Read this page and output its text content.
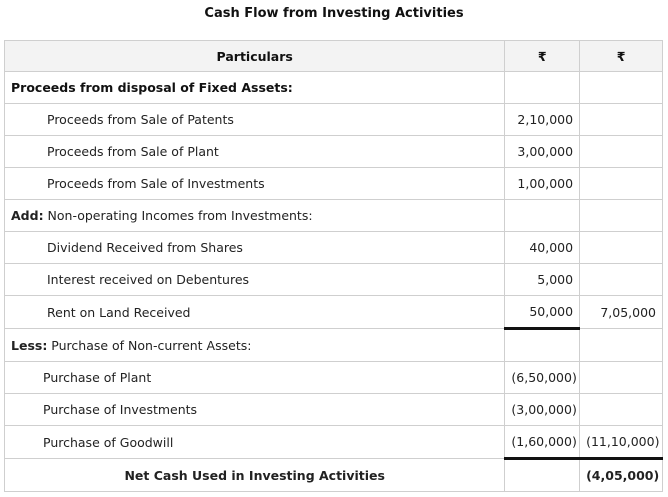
Cash Flow from Investing Activities
Particulars	₹	₹
Proceeds from disposal of Fixed Assets:		
Proceeds from Sale of Patents	2,10,000	
Proceeds from Sale of Plant	3,00,000	
Proceeds from Sale of Investments	1,00,000	
Add: Non-operating Incomes from Investments:		
Dividend Received from Shares	40,000	
Interest received on Debentures	5,000	
Rent on Land Received	50,000	7,05,000
Less: Purchase of Non-current Assets:		
Purchase of Plant	(6,50,000)	
Purchase of Investments	(3,00,000)	
Purchase of Goodwill	(1,60,000)	(11,10,000)
Net Cash Used in Investing Activities		(4,05,000)
